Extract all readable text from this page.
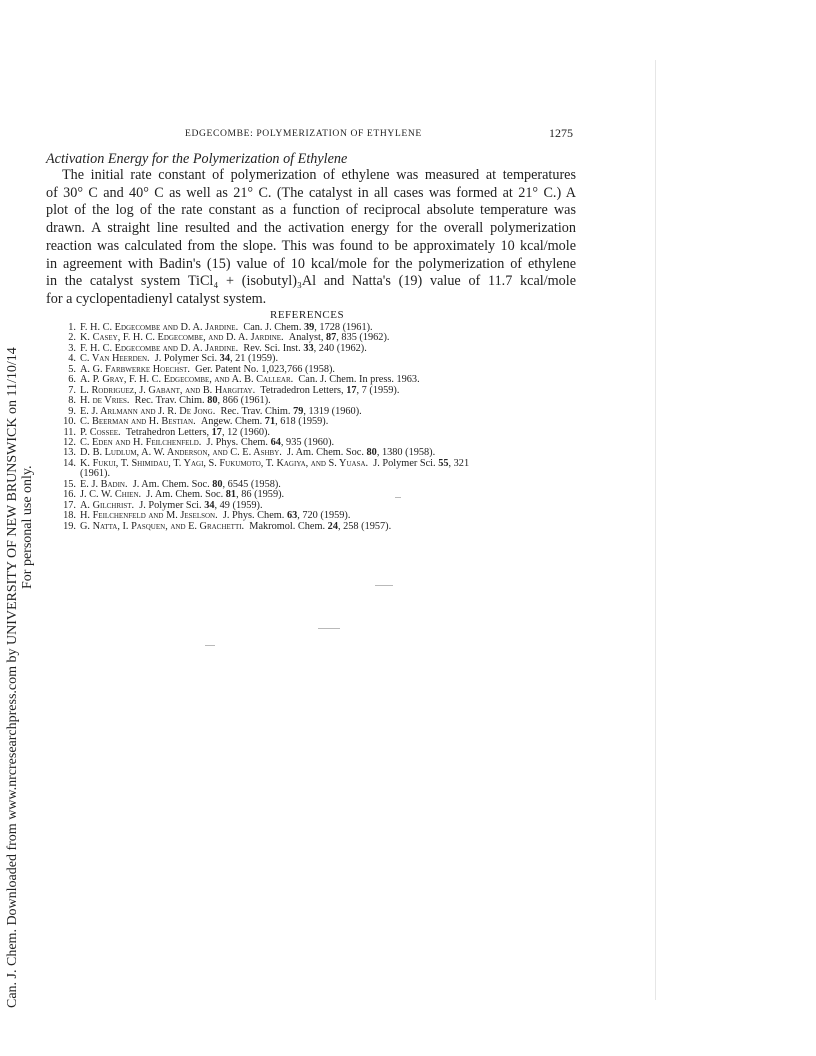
Can. J. Chem. Downloaded from www.nrcresearchpress.com by UNIVERSITY OF NEW BRUNSWICK on 11/10/14 For personal use only.
EDGECOMBE: POLYMERIZATION OF ETHYLENE	1275
Activation Energy for the Polymerization of Ethylene
The initial rate constant of polymerization of ethylene was measured at temperatures
of 30° C and 40° C as well as 21° C. (The catalyst in all cases was formed at 21° C.) A
plot of the log of the rate constant as a function of reciprocal absolute temperature was
drawn. A straight line resulted and the activation energy for the overall polymerization
reaction was calculated from the slope. This was found to be approximately 10 kcal/mole
in agreement with Badin's (15) value of 10 kcal/mole for the polymerization of ethylene
in the catalyst system TiCl₄ + (isobutyl)₃Al and Natta's (19) value of 11.7 kcal/mole
for a cyclopentadienyl catalyst system.
REFERENCES
1. F. H. C. Edgecombe and D. A. Jardine. Can. J. Chem. 39, 1728 (1961).
2. K. Casey, F. H. C. Edgecombe, and D. A. Jardine. Analyst, 87, 835 (1962).
3. F. H. C. Edgecombe and D. A. Jardine. Rev. Sci. Inst. 33, 240 (1962).
4. C. Van Heerden. J. Polymer Sci. 34, 21 (1959).
5. A. G. Farbwerke Hoechst. Ger. Patent No. 1,023,766 (1958).
6. A. P. Gray, F. H. C. Edgecombe, and A. B. Callear. Can. J. Chem. In press. 1963.
7. L. Rodriguez, J. Gabant, and B. Hargitay. Tetradedron Letters, 17, 7 (1959).
8. H. de Vries. Rec. Trav. Chim. 80, 866 (1961).
9. E. J. Arlmann and J. R. De Jong. Rec. Trav. Chim. 79, 1319 (1960).
10. C. Beerman and H. Bestian. Angew. Chem. 71, 618 (1959).
11. P. Cossee. Tetrahedron Letters, 17, 12 (1960).
12. C. Eden and H. Feilchenfeld. J. Phys. Chem. 64, 935 (1960).
13. D. B. Ludlum, A. W. Anderson, and C. E. Ashby. J. Am. Chem. Soc. 80, 1380 (1958).
14. K. Fukui, T. Shimidau, T. Yagi, S. Fukumoto, T. Kagiya, and S. Yuasa. J. Polymer Sci. 55, 321
(1961).
15. E. J. Badin. J. Am. Chem. Soc. 80, 6545 (1958).
16. J. C. W. Chien. J. Am. Chem. Soc. 81, 86 (1959).
17. A. Gilchrist. J. Polymer Sci. 34, 49 (1959).
18. H. Feilchenfeld and M. Jeselson. J. Phys. Chem. 63, 720 (1959).
19. G. Natta, I. Pasquen, and E. Grachetti. Makromol. Chem. 24, 258 (1957).
